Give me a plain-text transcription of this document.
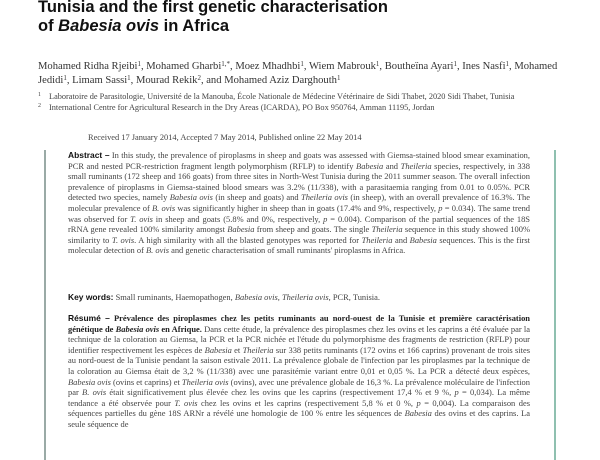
Tunisia and the first genetic characterisation
of Babesia ovis in Africa
Mohamed Ridha Rjeibi$^1$, Mohamed Gharbi$^{1,*}$, Moez Mhadhbi$^1$, Wiem Mabrouk$^1$, Boutheïna Ayari$^1$, Ines Nasfi$^1$, Mohamed Jedidi$^1$, Limam Sassi$^1$, Mourad Rekik$^2$, and Mohamed Aziz Darghouth$^1$
1 Laboratoire de Parasitologie, Université de la Manouba, École Nationale de Médecine Vétérinaire de Sidi Thabet, 2020 Sidi Thabet, Tunisia
2 International Centre for Agricultural Research in the Dry Areas (ICARDA), PO Box 950764, Amman 11195, Jordan
Received 17 January 2014, Accepted 7 May 2014, Published online 22 May 2014
Abstract – In this study, the prevalence of piroplasms in sheep and goats was assessed with Giemsa-stained blood smear examination, PCR and nested PCR-restriction fragment length polymorphism (RFLP) to identify Babesia and Theileria species, respectively, in 338 small ruminants (172 sheep and 166 goats) from three sites in North-West Tunisia during the 2011 summer season. The overall infection prevalence of piroplasms in Giemsa-stained blood smears was 3.2% (11/338), with a parasitaemia ranging from 0.01 to 0.05%. PCR detected two species, namely Babesia ovis (in sheep and goats) and Theileria ovis (in sheep), with an overall prevalence of 16.3%. The molecular prevalence of B. ovis was significantly higher in sheep than in goats (17.4% and 9%, respectively, p = 0.034). The same trend was observed for T. ovis in sheep and goats (5.8% and 0%, respectively, p = 0.004). Comparison of the partial sequences of the 18S rRNA gene revealed 100% similarity amongst Babesia from sheep and goats. The single Theileria sequence in this study showed 100% similarity to T. ovis. A high similarity with all the blasted genotypes was reported for Theileria and Babesia sequences. This is the first molecular detection of B. ovis and genetic characterisation of small ruminants' piroplasms in Africa.
Key words: Small ruminants, Haemopathogen, Babesia ovis, Theileria ovis, PCR, Tunisia.
Résumé – Prévalence des piroplasmes chez les petits ruminants au nord-ouest de la Tunisie et première caractérisation génétique de Babesia ovis en Afrique. Dans cette étude, la prévalence des piroplasmes chez les ovins et les caprins a été évaluée par la technique de la coloration au Giemsa, la PCR et la PCR nichée et l'étude du polymorphisme des fragments de restriction (RFLP) pour identifier respectivement les espèces de Babesia et Theileria sur 338 petits ruminants (172 ovins et 166 caprins) provenant de trois sites au nord-ouest de la Tunisie pendant la saison estivale 2011. La prévalence globale de l'infection par les piroplasmes par la technique de la coloration au Giemsa était de 3,2 % (11/338) avec une parasitémie variant entre 0,01 et 0,05 %. La PCR a détecté deux espèces, Babesia ovis (ovins et caprins) et Theileria ovis (ovins), avec une prévalence globale de 16,3 %. La prévalence moléculaire de l'infection par B. ovis était significativement plus élevée chez les ovins que les caprins (respectivement 17,4 % et 9 %, p = 0,034). La même tendance a été observée pour T. ovis chez les ovins et les caprins (respectivement 5,8 % et 0 %, p = 0,004). La comparaison des séquences partielles du gène 18S ARNr a révélé une homologie de 100 % entre les séquences de Babesia des ovins et des caprins. La seule séquence de
